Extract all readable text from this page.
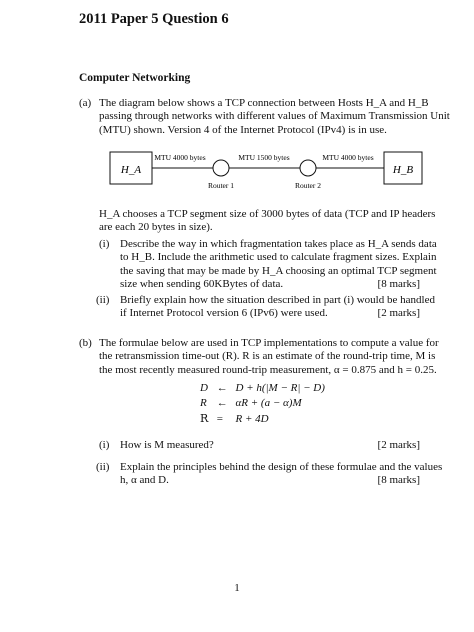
2011 Paper 5 Question 6
Computer Networking
(a) The diagram below shows a TCP connection between Hosts H_A and H_B
passing through networks with different values of Maximum Transmission Unit
(MTU) shown. Version 4 of the Internet Protocol (IPv4) is in use.
H_A	H_B
MTU 4000 bytes	MTU 1500 bytes	MTU 4000 bytes
Router 1	Router 2
H_A chooses a TCP segment size of 3000 bytes of data (TCP and IP headers
are each 20 bytes in size).
(i) Describe the way in which fragmentation takes place as H_A sends data
to H_B. Include the arithmetic used to calculate fragment sizes. Explain
the saving that may be made by H_A choosing an optimal TCP segment
size when sending 60KBytes of data.	[8 marks]
(ii) Briefly explain how the situation described in part (i) would be handled
if Internet Protocol version 6 (IPv6) were used.	[2 marks]
(b) The formulae below are used in TCP implementations to compute a value for
the retransmission time-out (R). R is an estimate of the round-trip time, M is
the most recently measured round-trip measurement, α = 0.875 and h = 0.25.
D ← D + h(|M − R| − D)
R ← αR + (a − α)M
R = R + 4D
(i) How is M measured?	[2 marks]
(ii) Explain the principles behind the design of these formulae and the values
h, α and D.	[8 marks]
1
